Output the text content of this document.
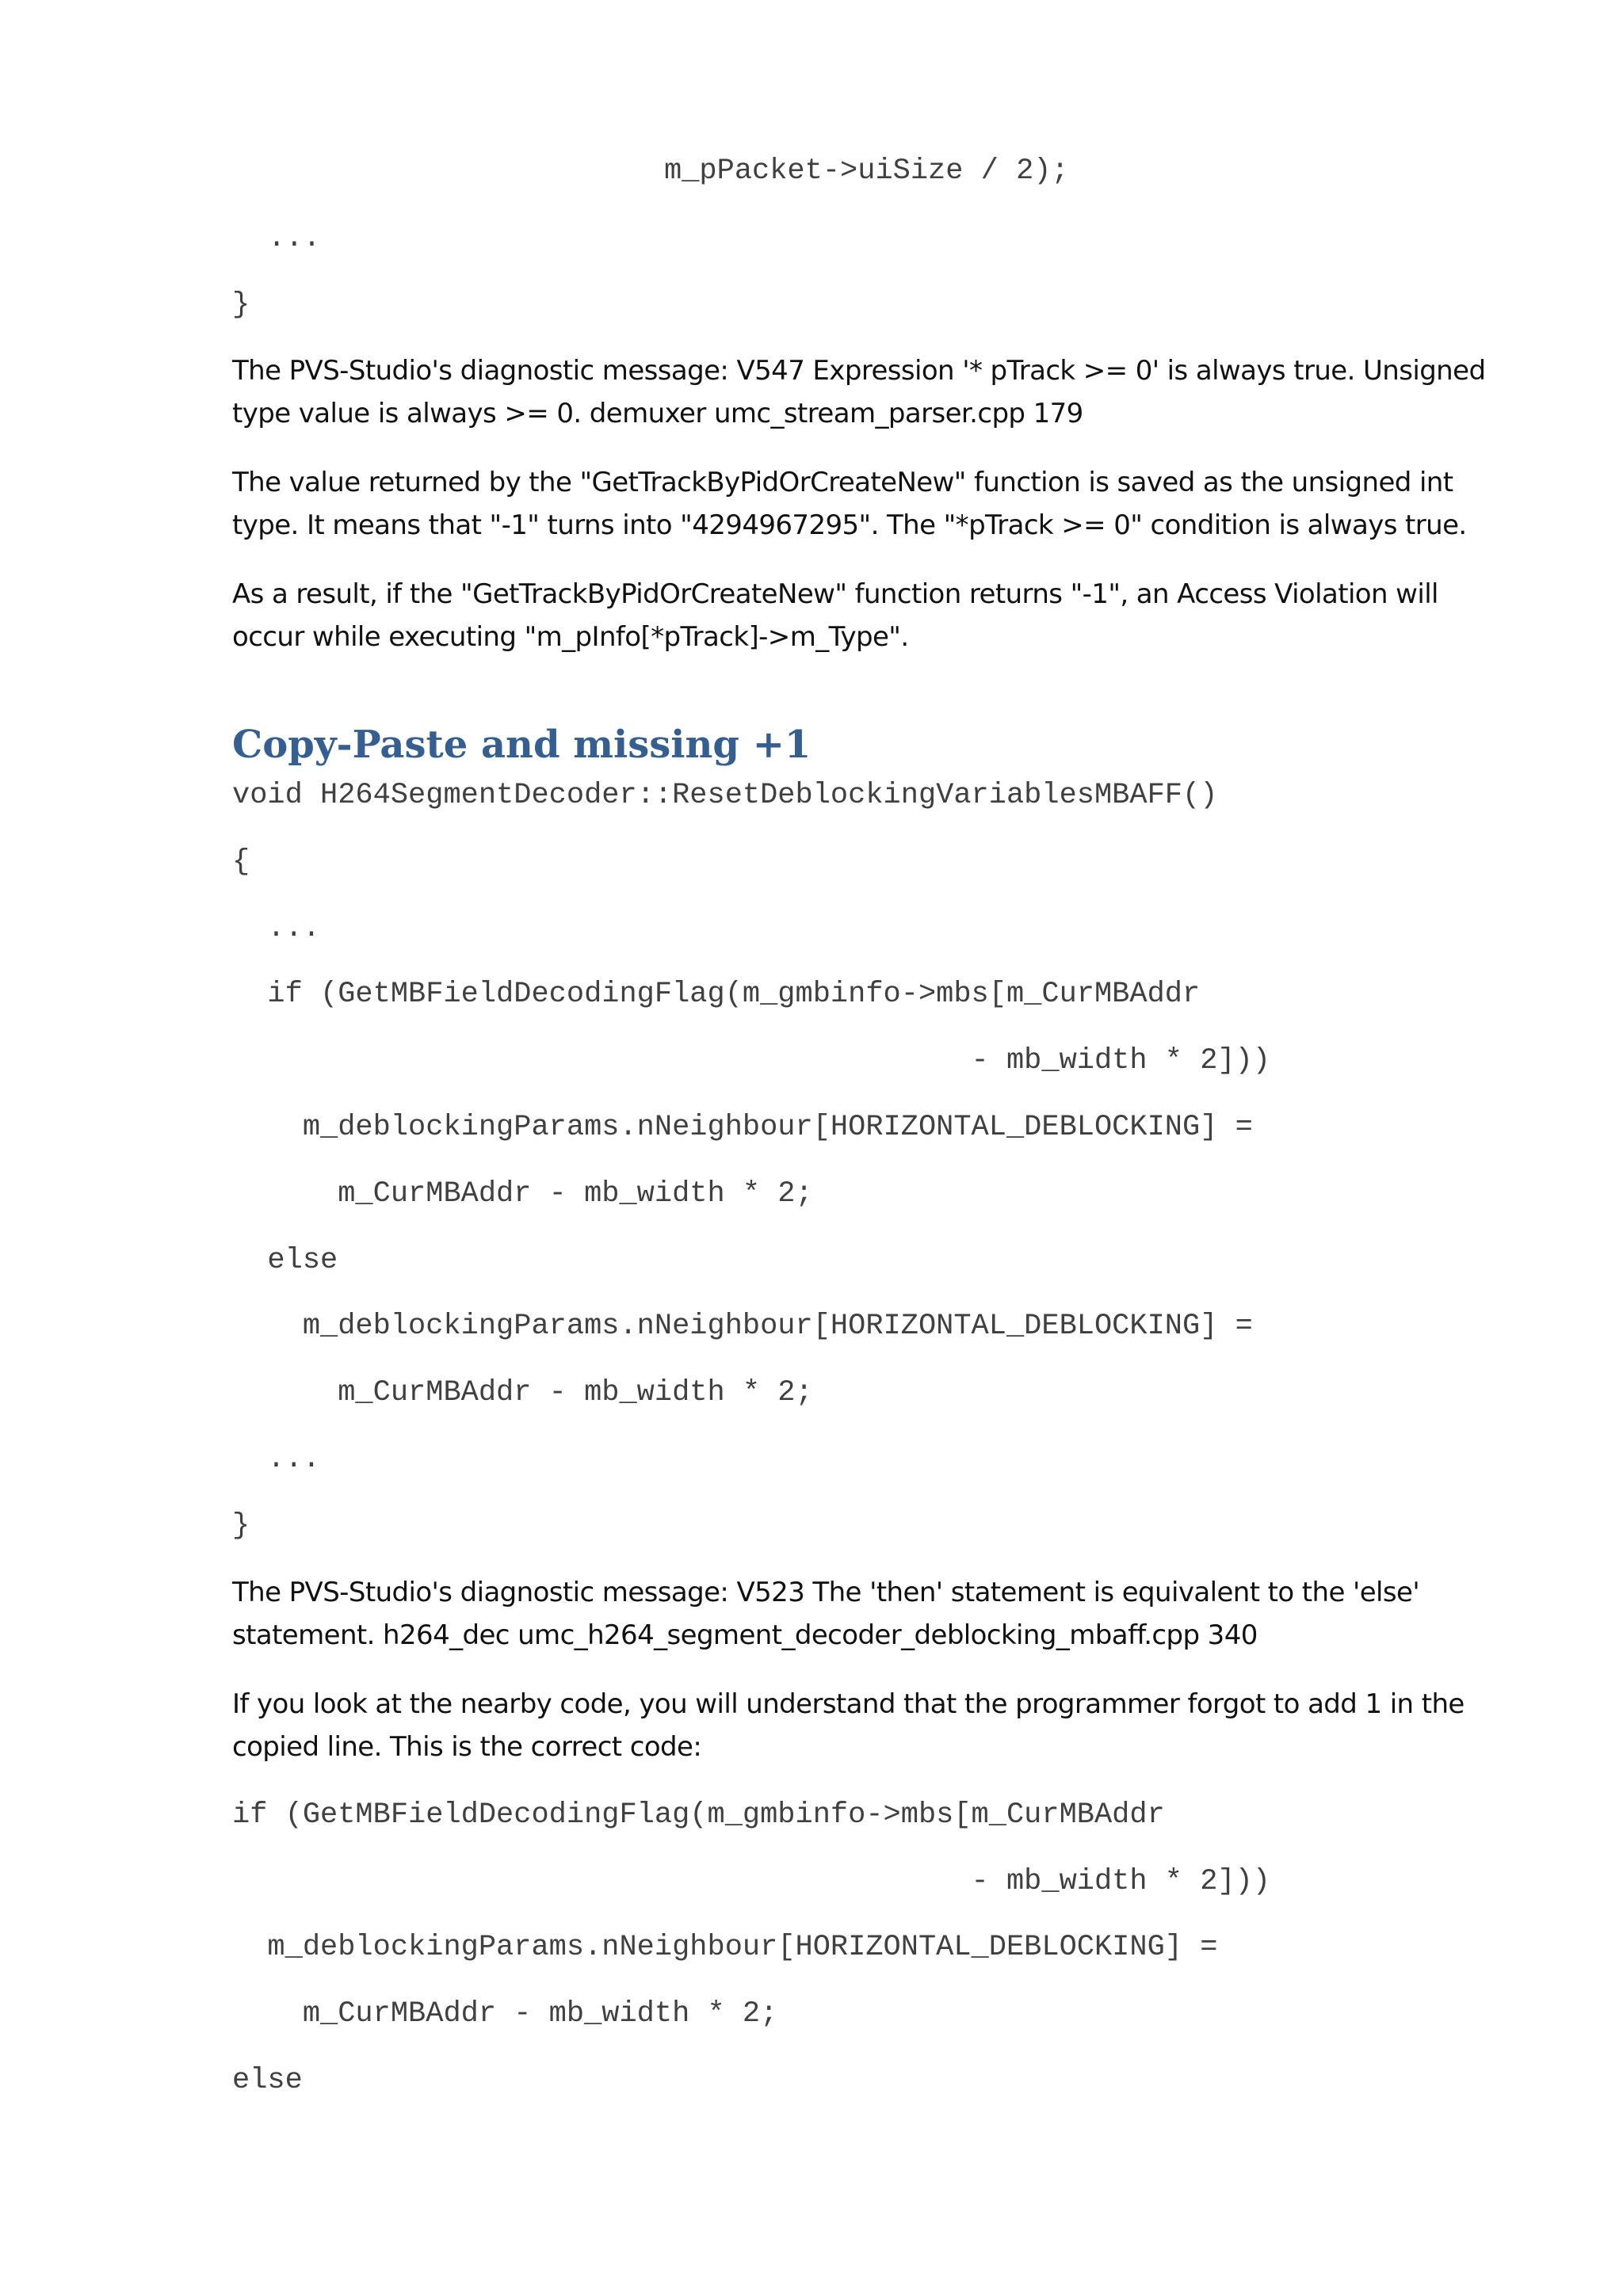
m_pPacket->uiSize / 2);
...
}

The PVS-Studio's diagnostic message: V547 Expression '* pTrack >= 0' is always true. Unsigned type value is always >= 0. demuxer umc_stream_parser.cpp 179

The value returned by the "GetTrackByPidOrCreateNew" function is saved as the unsigned int type. It means that "-1" turns into "4294967295". The "*pTrack >= 0" condition is always true.

As a result, if the "GetTrackByPidOrCreateNew" function returns "-1", an Access Violation will occur while executing "m_pInfo[*pTrack]->m_Type".

Copy-Paste and missing +1
void H264SegmentDecoder::ResetDeblockingVariablesMBAFF()
{
...
if (GetMBFieldDecodingFlag(m_gmbinfo->mbs[m_CurMBAddr
- mb_width * 2]))
m_deblockingParams.nNeighbour[HORIZONTAL_DEBLOCKING] =
m_CurMBAddr - mb_width * 2;
else
m_deblockingParams.nNeighbour[HORIZONTAL_DEBLOCKING] =
m_CurMBAddr - mb_width * 2;
...
}

The PVS-Studio's diagnostic message: V523 The 'then' statement is equivalent to the 'else' statement. h264_dec umc_h264_segment_decoder_deblocking_mbaff.cpp 340

If you look at the nearby code, you will understand that the programmer forgot to add 1 in the copied line. This is the correct code:

if (GetMBFieldDecodingFlag(m_gmbinfo->mbs[m_CurMBAddr
- mb_width * 2]))
m_deblockingParams.nNeighbour[HORIZONTAL_DEBLOCKING] =
m_CurMBAddr - mb_width * 2;
else
